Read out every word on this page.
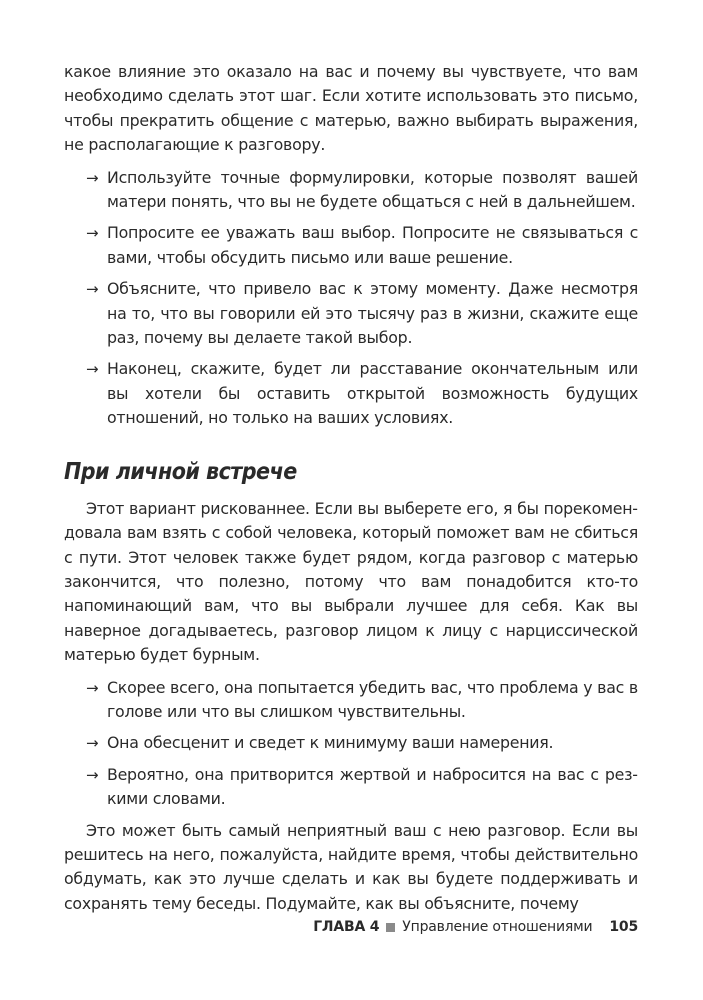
какое влияние это оказало на вас и почему вы чувствуете, что вам необходимо сделать этот шаг. Если хотите использовать это письмо, чтобы прекратить общение с матерью, важно выбирать выражения, не располагающие к разговору.

→ Используйте точные формулировки, которые позволят вашей матери понять, что вы не будете общаться с ней в дальнейшем.
→ Попросите ее уважать ваш выбор. Попросите не связываться с вами, чтобы обсудить письмо или ваше решение.
→ Объясните, что привело вас к этому моменту. Даже несмотря на то, что вы говорили ей это тысячу раз в жизни, скажите еще раз, почему вы делаете такой выбор.
→ Наконец, скажите, будет ли расставание окончательным или вы хотели бы оставить открытой возможность будущих отношений, но только на ваших условиях.
При личной встрече

Этот вариант рискованнее. Если вы выберете его, я бы порекомендовала вам взять с собой человека, который поможет вам не сбиться с пути. Этот человек также будет рядом, когда разговор с матерью закончится, что полезно, потому что вам понадобится кто-то напоминающий вам, что вы выбрали лучшее для себя. Как вы наверное догадываетесь, разговор лицом к лицу с нарциссической матерью будет бурным.

→ Скорее всего, она попытается убедить вас, что проблема у вас в голове или что вы слишком чувствительны.
→ Она обесценит и сведет к минимуму ваши намерения.
→ Вероятно, она притворится жертвой и набросится на вас с резкими словами.

Это может быть самый неприятный ваш с нею разговор. Если вы решитесь на него, пожалуйста, найдите время, чтобы действительно обдумать, как это лучше сделать и как вы будете поддерживать и сохранять тему беседы. Подумайте, как вы объясните, почему

ГЛАВА 4 Управление отношениями 105
